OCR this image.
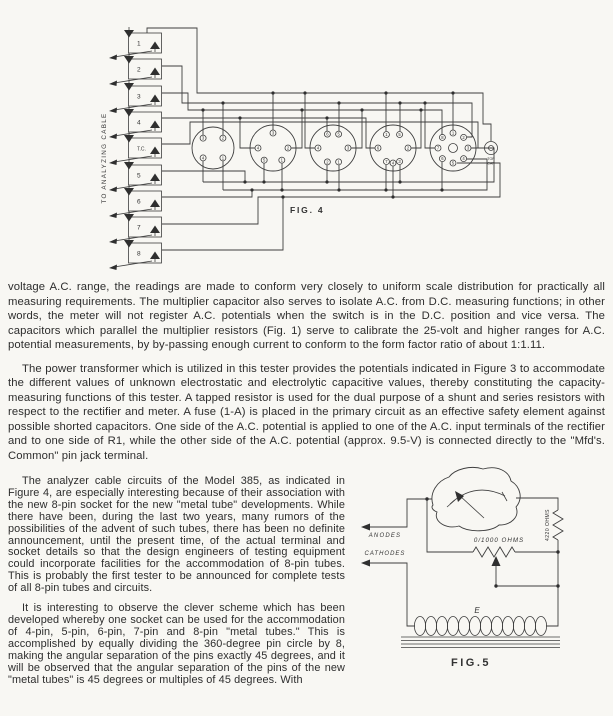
1
2
3
4
T.C.
5
6
7
8
3	2
4	1
3
4	2
5	1
6 5
4	3
2 1
1	5
6	2
7 4 3
1
2
3
4
5
6
7
8
TOP
CAP
TO ANALYZING CABLE
FIG. 4

voltage A.C. range, the readings are made to conform very closely to uniform scale distribution for practically all measuring requirements. The multiplier capacitor also serves to isolate A.C. from D.C. measuring functions; in other words, the meter will not register A.C. potentials when the switch is in the D.C. position and vice versa. The capacitors which parallel the multiplier resistors (Fig. 1) serve to calibrate the 25-volt and higher ranges for A.C. potential measurements, by by-passing enough current to conform to the form factor ratio of about 1:1.11.

The power transformer which is utilized in this tester provides the potentials indicated in Figure 3 to accommodate the different values of unknown electrostatic and electrolytic capacitive values, thereby constituting the capacity-measuring functions of this tester. A tapped resistor is used for the dual purpose of a shunt and series resistors with respect to the rectifier and meter. A fuse (1-A) is placed in the primary circuit as an effective safety element against possible shorted capacitors. One side of the A.C. potential is applied to one of the A.C. input terminals of the rectifier and to one side of R1, while the other side of the A.C. potential (approx. 9.5-V) is connected directly to the "Mfd's. Common" pin jack terminal.

ANODES
CATHODES
0/1000 OHMS	4220 OHMS
E
FIG.5

The analyzer cable circuits of the Model 385, as indicated in Figure 4, are especially interesting because of their association with the new 8-pin socket for the new "metal tube" developments. While there have been, during the last two years, many rumors of the possibilities of the advent of such tubes, there has been no definite announcement, until the present time, of the actual terminal and socket details so that the design engineers of testing equipment could incorporate facilities for the accommodation of 8-pin tubes. This is probably the first tester to be announced for complete tests of all 8-pin tubes and circuits.

It is interesting to observe the clever scheme which has been developed whereby one socket can be used for the accommodation of 4-pin, 5-pin, 6-pin, 7-pin and 8-pin "metal tubes." This is accomplished by equally dividing the 360-degree pin circle by 8, making the angular separation of the pins exactly 45 degrees, and it will be observed that the angular separation of the pins of the new "metal tubes" is 45 degrees or multiples of 45 degrees. With
